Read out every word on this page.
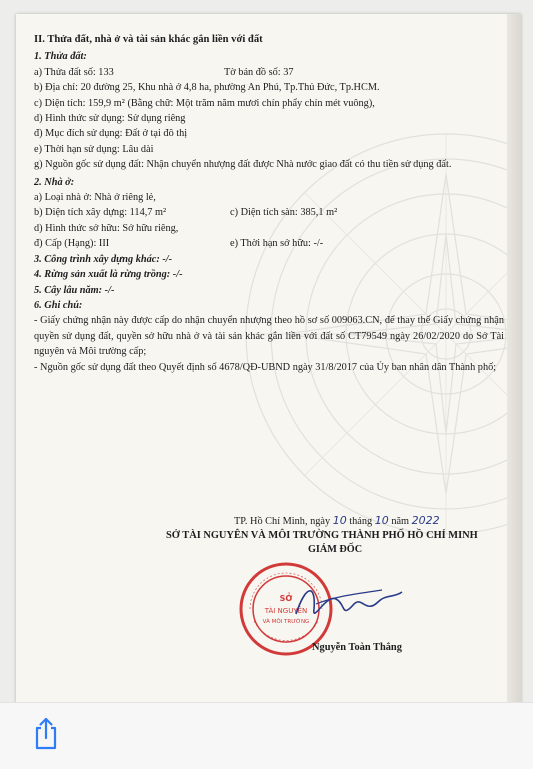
II. Thửa đất, nhà ở và tài sản khác gắn liền với đất
1. Thửa đất:
a) Thửa đất số: 133	Tờ bản đồ số: 37
b) Địa chỉ: 20 đường 25, Khu nhà ở 4,8 ha, phường An Phú, Tp.Thủ Đức, Tp.HCM.
c) Diện tích: 159,9 m² (Bằng chữ: Một trăm năm mươi chín phẩy chín mét vuông),
d) Hình thức sử dụng: Sử dụng riêng
đ) Mục đích sử dụng: Đất ở tại đô thị
e) Thời hạn sử dụng: Lâu dài
g) Nguồn gốc sử dụng đất: Nhận chuyển nhượng đất được Nhà nước giao đất có thu tiền sử dụng đất.
2. Nhà ở:
a) Loại nhà ở: Nhà ở riêng lẻ,
b) Diện tích xây dựng: 114,7 m²	c) Diện tích sàn: 385,1 m²
d) Hình thức sở hữu: Sở hữu riêng,
đ) Cấp (Hạng): III	e) Thời hạn sở hữu: -/-
3. Công trình xây dựng khác: -/-
4. Rừng sản xuất là rừng trồng: -/-
5. Cây lâu năm: -/-
6. Ghi chú:
- Giấy chứng nhận này được cấp do nhận chuyển nhượng theo hồ sơ số 009063.CN, để thay thế Giấy chứng nhận quyền sử dụng đất, quyền sở hữu nhà ở và tài sản khác gắn liền với đất số CT79549 ngày 26/02/2020 do Sở Tài nguyên và Môi trường cấp;
- Nguồn gốc sử dụng đất theo Quyết định số 4678/QĐ-UBND ngày 31/8/2017 của Ủy ban nhân dân Thành phố;
TP. Hồ Chí Minh, ngày 10 tháng 10 năm 2022
SỞ TÀI NGUYÊN VÀ MÔI TRƯỜNG THÀNH PHỐ HỒ CHÍ MINH
GIÁM ĐỐC
SỞ
TÀI NGUYÊN
VÀ MÔI TRƯỜNG
Nguyễn Toàn Thắng
